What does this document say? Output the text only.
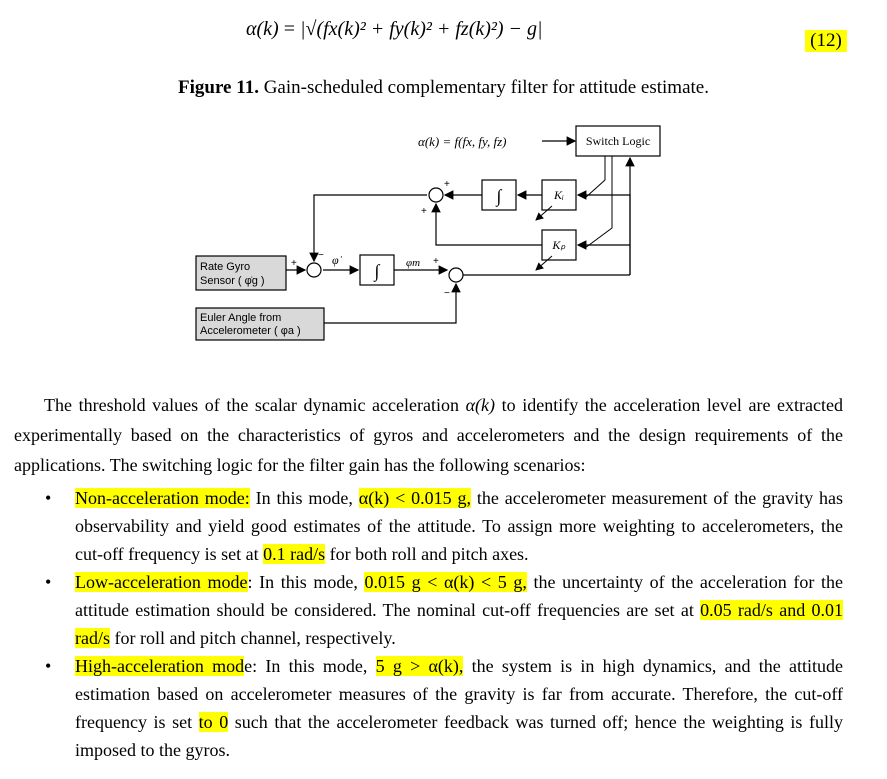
α(k) = |√(fx(k)² + fy(k)² + fz(k)²) − g|
(12)
Figure 11. Gain-scheduled complementary filter for attitude estimate.
α(k) = f(fx, fy, fz)	Switch Logic
+
+
∫	Kᵢ
Kₚ
+
− φ̇
∫ φm +
−
Rate Gyro
Sensor ( φ̇g )
Euler Angle from
Accelerometer ( φa )
The threshold values of the scalar dynamic acceleration α(k) to identify the acceleration level are extracted experimentally based on the characteristics of gyros and accelerometers and the design requirements of the applications. The switching logic for the filter gain has the following scenarios:
• Non-acceleration mode: In this mode, α(k) < 0.015 g, the accelerometer measurement of the gravity has observability and yield good estimates of the attitude. To assign more weighting to accelerometers, the cut-off frequency is set at 0.1 rad/s for both roll and pitch axes.
• Low-acceleration mode: In this mode, 0.015 g < α(k) < 5 g, the uncertainty of the acceleration for the attitude estimation should be considered. The nominal cut-off frequencies are set at 0.05 rad/s and 0.01 rad/s for roll and pitch channel, respectively.
• High-acceleration mode: In this mode, 5 g > α(k), the system is in high dynamics, and the attitude estimation based on accelerometer measures of the gravity is far from accurate. Therefore, the cut-off frequency is set to 0 such that the accelerometer feedback was turned off; hence the weighting is fully imposed to the gyros.
